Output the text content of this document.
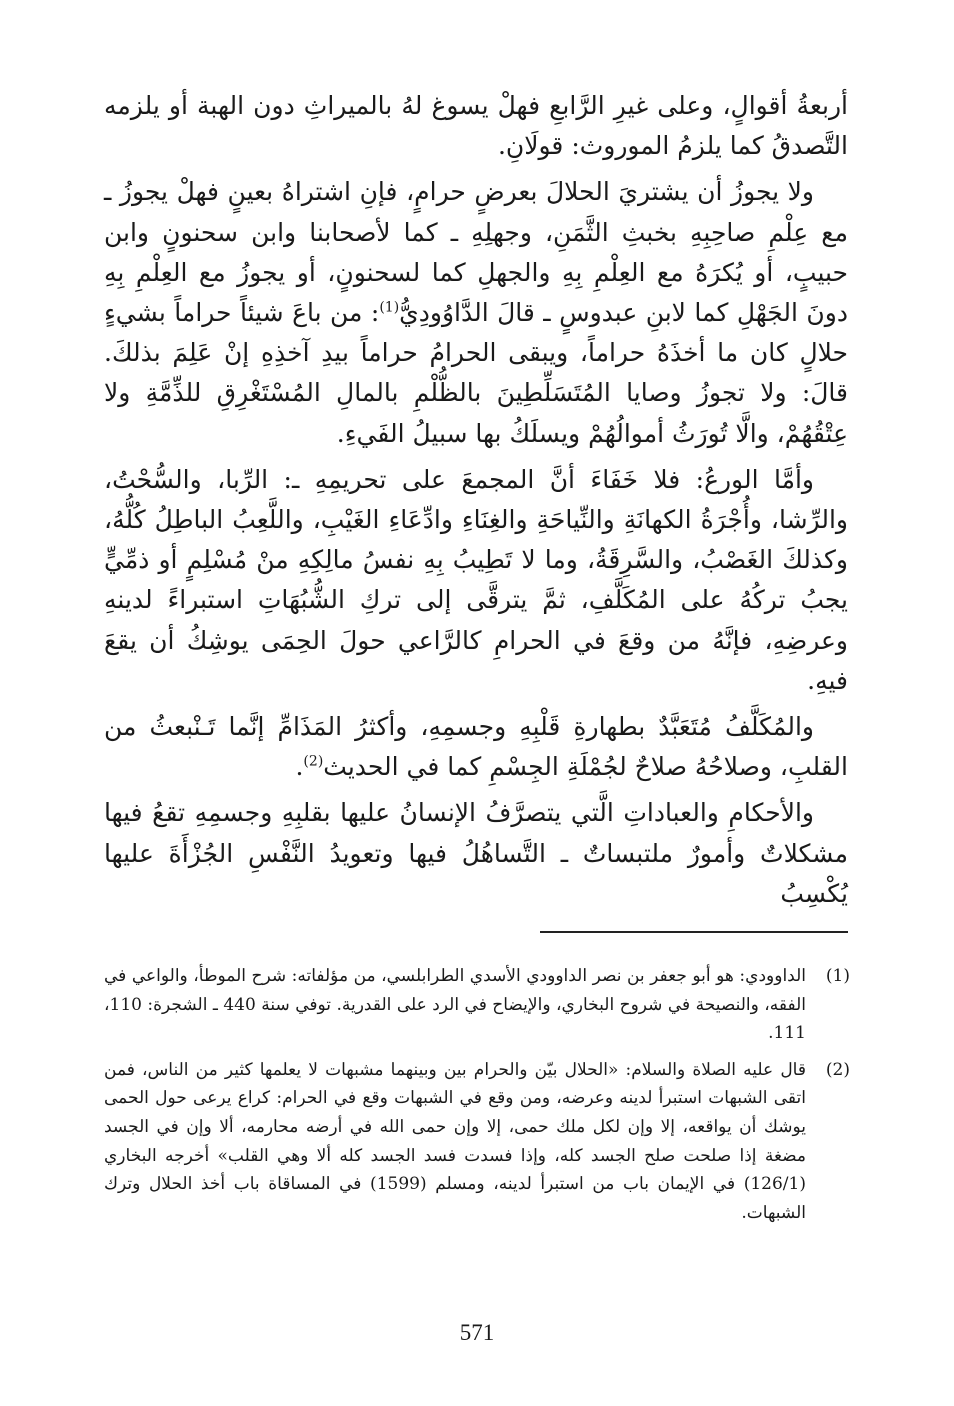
أربعةُ أقوالٍ، وعلى غيرِ الرَّابعِ فهلْ يسوغ لهُ بالميراثِ دون الهبة أو يلزمه التَّصدقُ كما يلزمُ الموروث: قولَانِ.

ولا يجوزُ أن يشتريَ الحلالَ بعرضٍ حرامٍ، فإنِ اشتراهُ بعينٍ فهلْ يجوزُ ـ مع عِلْمِ صاحِبِهِ بخبثِ الثَّمَنِ، وجهلِهِ ـ كما لأصحابنا وابن سحنونٍ وابن حبيبٍ، أو يُكرَهُ مع العِلْمِ بِهِ والجهلِ كما لسحنونٍ، أو يجوزُ مع العِلْمِ بِهِ دونَ الجَهْلِ كما لابنِ عبدوسٍ ـ قالَ الدَّاوُودِيُّ$^{(1)}$: من باعَ شيئاً حراماً بشيءٍ حلالٍ كان ما أخذَهُ حراماً، ويبقى الحرامُ حراماً بيدِ آخذِهِ إنْ عَلِمَ بذلكَ. قالَ: ولا تجوزُ وصايا المُتَسَلِّطِينَ بالظُّلْمِ بالمالِ المُسْتَغْرِقِ للذِّمَّةِ ولا عِتْقُهُمْ، والَّا تُورَثُ أموالُهُمْ ويسلَكُ بها سبيلُ الفَيءِ.

وأمَّا الورعُ: فلا خَفَاءَ أنَّ المجمعَ على تحريمِهِ ـ: الرِّبا، والسُّحْتُ، والرِّشا، وأُجْرَةُ الكهانَةِ والنِّياحَةِ والغِنَاءِ وادِّعَاءِ الغَيْبِ، واللَّعِبُ الباطِلُ كُلُّهُ، وكذلكَ الغَصْبُ، والسَّرِقَةُ، وما لا تَطِيبُ بِهِ نفسُ مالِكِهِ منْ مُسْلِمٍ أو ذمِّيٍّ يجبُ تركُهُ على المُكَلَّفِ، ثمَّ يترقَّى إلى تركِ الشُّبُهَاتِ استبراءً لدينهِ وعرضِهِ، فإنَّهُ من وقعَ في الحرامِ كالرَّاعي حولَ الحِمَى يوشِكُ أن يقعَ فيهِ.

والمُكَلَّفُ مُتَعَبَّدٌ بطهارةِ قَلْبِهِ وجسمِهِ، وأكثرُ المَذَامِّ إنَّما تَـنْبعثُ من القلبِ، وصلاحُهُ صلاحٌ لجُمْلَةِ الجِسْمِ كما في الحديث$^{(2)}$.

والأحكامِ والعباداتِ الَّتي يتصرَّفُ الإنسانُ عليها بقلبِهِ وجسمِهِ تقعُ فيها مشكلاتٌ وأمورٌ ملتبساتٌ ـ التَّساهُلُ فيها وتعويدُ النَّفْسِ الجُزْأَةَ عليها يُكْسِبُ

(1)
الداوودي: هو أبو جعفر بن نصر الداوودي الأسدي الطرابلسي، من مؤلفاته: شرح الموطأ، والواعي في الفقه، والنصيحة في شروح البخاري، والإيضاح في الرد على القدرية. توفي سنة 440 ـ الشجرة: 110، 111.
(2)
قال عليه الصلاة والسلام: «الحلال بيّن والحرام بين وبينهما مشبهات لا يعلمها كثير من الناس، فمن اتقى الشبهات استبرأ لدينه وعرضه، ومن وقع في الشبهات وقع في الحرام: كراع يرعى حول الحمى يوشك أن يواقعه، إلا وإن لكل ملك حمى، إلا وإن حمى الله في أرضه محارمه، ألا وإن في الجسد مضغة إذا صلحت صلح الجسد كله، وإذا فسدت فسد الجسد كله ألا وهي القلب» أخرجه البخاري (126/1) في الإيمان باب من استبرأ لدينه، ومسلم (1599) في المساقاة باب أخذ الحلال وترك الشبهات.
571
